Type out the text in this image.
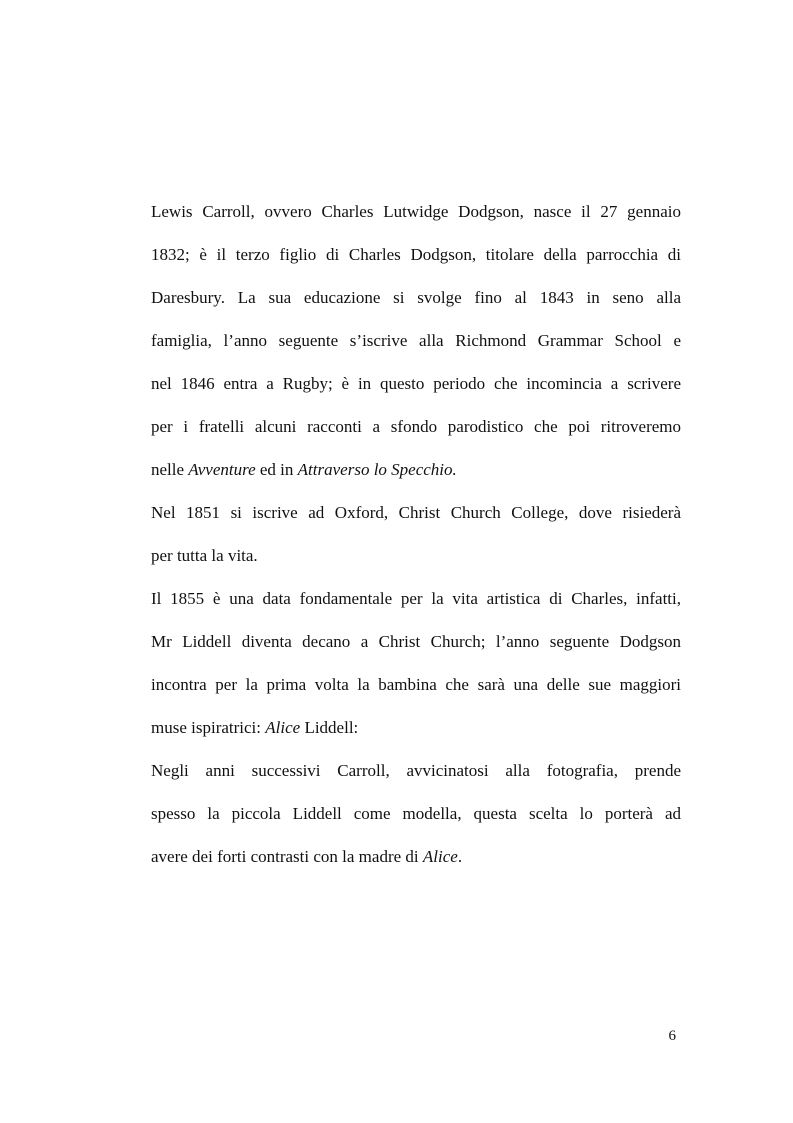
Lewis Carroll, ovvero Charles Lutwidge Dodgson, nasce il 27 gennaio
1832; è il terzo figlio di Charles Dodgson, titolare della parrocchia di
Daresbury. La sua educazione si svolge fino al 1843 in seno alla
famiglia, l’anno seguente s’iscrive alla Richmond Grammar School e
nel 1846 entra a Rugby; è in questo periodo che incomincia a scrivere
per i fratelli alcuni racconti a sfondo parodistico che poi ritroveremo
nelle Avventure ed in Attraverso lo Specchio.
Nel 1851 si iscrive ad Oxford, Christ Church College, dove risiederà
per tutta la vita.
Il 1855 è una data fondamentale per la vita artistica di Charles, infatti,
Mr Liddell diventa decano a Christ Church; l’anno seguente Dodgson
incontra per la prima volta la bambina che sarà una delle sue maggiori
muse ispiratrici: Alice Liddell:
Negli anni successivi Carroll, avvicinatosi alla fotografia, prende
spesso la piccola Liddell come modella, questa scelta lo porterà ad
avere dei forti contrasti con la madre di Alice.
6
